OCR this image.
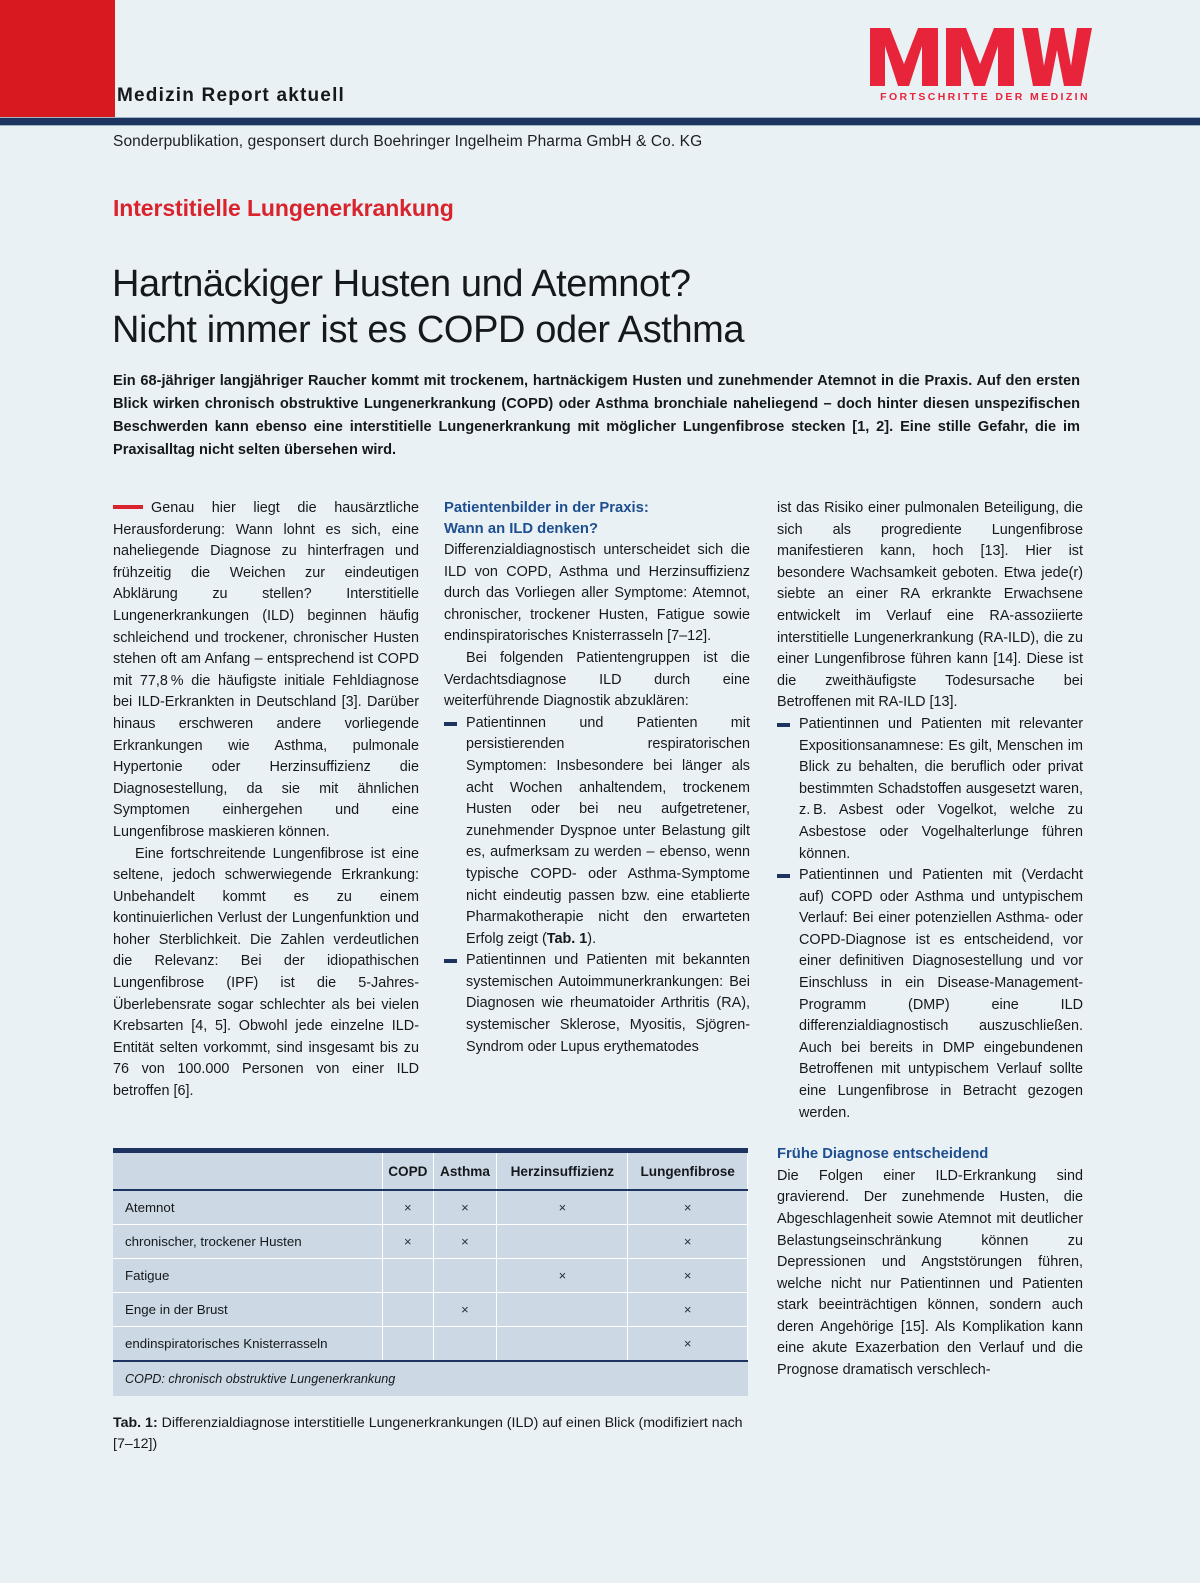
Medizin Report aktuell	FORTSCHRITTE DER MEDIZIN
Sonderpublikation, gesponsert durch Boehringer Ingelheim Pharma GmbH & Co. KG
Interstitielle Lungenerkrankung
Hartnäckiger Husten und Atemnot?
Nicht immer ist es COPD oder Asthma
Ein 68-jähriger langjähriger Raucher kommt mit trockenem, hartnäckigem Husten und zunehmender Atemnot in die Praxis. Auf den ersten Blick wirken chronisch obstruktive Lungenerkrankung (COPD) oder Asthma bronchiale naheliegend – doch hinter diesen unspezifischen Beschwerden kann ebenso eine interstitielle Lungenerkrankung mit möglicher Lungenfibrose stecken [1, 2]. Eine stille Gefahr, die im Praxisalltag nicht selten übersehen wird.

Genau hier liegt die hausärztliche Herausforderung: Wann lohnt es sich, eine naheliegende Diagnose zu hinterfragen und frühzeitig die Weichen zur eindeutigen Abklärung zu stellen? Interstitielle Lungenerkrankungen (ILD) beginnen häufig schleichend und trockener, chronischer Husten stehen oft am Anfang – entsprechend ist COPD mit 77,8 % die häufigste initiale Fehldiagnose bei ILD-Erkrankten in Deutschland [3]. Darüber hinaus erschweren andere vorliegende Erkrankungen wie Asthma, pulmonale Hypertonie oder Herzinsuffizienz die Diagnosestellung, da sie mit ähnlichen Symptomen einhergehen und eine Lungenfibrose maskieren können.

Eine fortschreitende Lungenfibrose ist eine seltene, jedoch schwerwiegende Erkrankung: Unbehandelt kommt es zu einem kontinuierlichen Verlust der Lungenfunktion und hoher Sterblichkeit. Die Zahlen verdeutlichen die Relevanz: Bei der idiopathischen Lungenfibrose (IPF) ist die 5-Jahres-Überlebensrate sogar schlechter als bei vielen Krebsarten [4, 5]. Obwohl jede einzelne ILD-Entität selten vorkommt, sind insgesamt bis zu 76 von 100.000 Personen von einer ILD betroffen [6].

Patientenbilder in der Praxis:
Wann an ILD denken?

Differenzialdiagnostisch unterscheidet sich die ILD von COPD, Asthma und Herzinsuffizienz durch das Vorliegen aller Symptome: Atemnot, chronischer, trockener Husten, Fatigue sowie endinspiratorisches Knisterrasseln [7–12].

Bei folgenden Patientengruppen ist die Verdachtsdiagnose ILD durch eine weiterführende Diagnostik abzuklären:

Patientinnen und Patienten mit persistierenden respiratorischen Symptomen: Insbesondere bei länger als acht Wochen anhaltendem, trockenem Husten oder bei neu aufgetretener, zunehmender Dyspnoe unter Belastung gilt es, aufmerksam zu werden – ebenso, wenn typische COPD- oder Asthma-Symptome nicht eindeutig passen bzw. eine etablierte Pharmakotherapie nicht den erwarteten Erfolg zeigt (Tab. 1).
Patientinnen und Patienten mit bekannten systemischen Autoimmunerkrankungen: Bei Diagnosen wie rheumatoider Arthritis (RA), systemischer Sklerose, Myositis, Sjögren-Syndrom oder Lupus erythematodes

ist das Risiko einer pulmonalen Beteiligung, die sich als progrediente Lungenfibrose manifestieren kann, hoch [13]. Hier ist besondere Wachsamkeit geboten. Etwa jede(r) siebte an einer RA erkrankte Erwachsene entwickelt im Verlauf eine RA-assoziierte interstitielle Lungenerkrankung (RA-ILD), die zu einer Lungenfibrose führen kann [14]. Diese ist die zweithäufigste Todesursache bei Betroffenen mit RA-ILD [13].

Patientinnen und Patienten mit relevanter Expositionsanamnese: Es gilt, Menschen im Blick zu behalten, die beruflich oder privat bestimmten Schadstoffen ausgesetzt waren, z. B. Asbest oder Vogelkot, welche zu Asbestose oder Vogelhalterlunge führen können.
Patientinnen und Patienten mit (Verdacht auf) COPD oder Asthma und untypischem Verlauf: Bei einer potenziellen Asthma- oder COPD-Diagnose ist es entscheidend, vor einer definitiven Diagnosestellung und vor Einschluss in ein Disease-Management-Programm (DMP) eine ILD differenzialdiagnostisch auszuschließen. Auch bei bereits in DMP eingebundenen Betroffenen mit untypischem Verlauf sollte eine Lungenfibrose in Betracht gezogen werden.
Frühe Diagnose entscheidend

Die Folgen einer ILD-Erkrankung sind gravierend. Der zunehmende Husten, die Abgeschlagenheit sowie Atemnot mit deutlicher Belastungseinschränkung können zu Depressionen und Angststörungen führen, welche nicht nur Patientinnen und Patienten stark beeinträchtigen können, sondern auch deren Angehörige [15]. Als Komplikation kann eine akute Exazerbation den Verlauf und die Prognose dramatisch verschlech-

	COPD	Asthma	Herzinsuffizienz	Lungenfibrose
Atemnot	×	×	×	×
chronischer, trockener Husten	×	×		×
Fatigue			×	×
Enge in der Brust		×		×
endinspiratorisches Knisterrasseln				×
COPD: chronisch obstruktive Lungenerkrankung				
Tab. 1: Differenzialdiagnose interstitielle Lungenerkrankungen (ILD) auf einen Blick (modifiziert nach [7–12])
